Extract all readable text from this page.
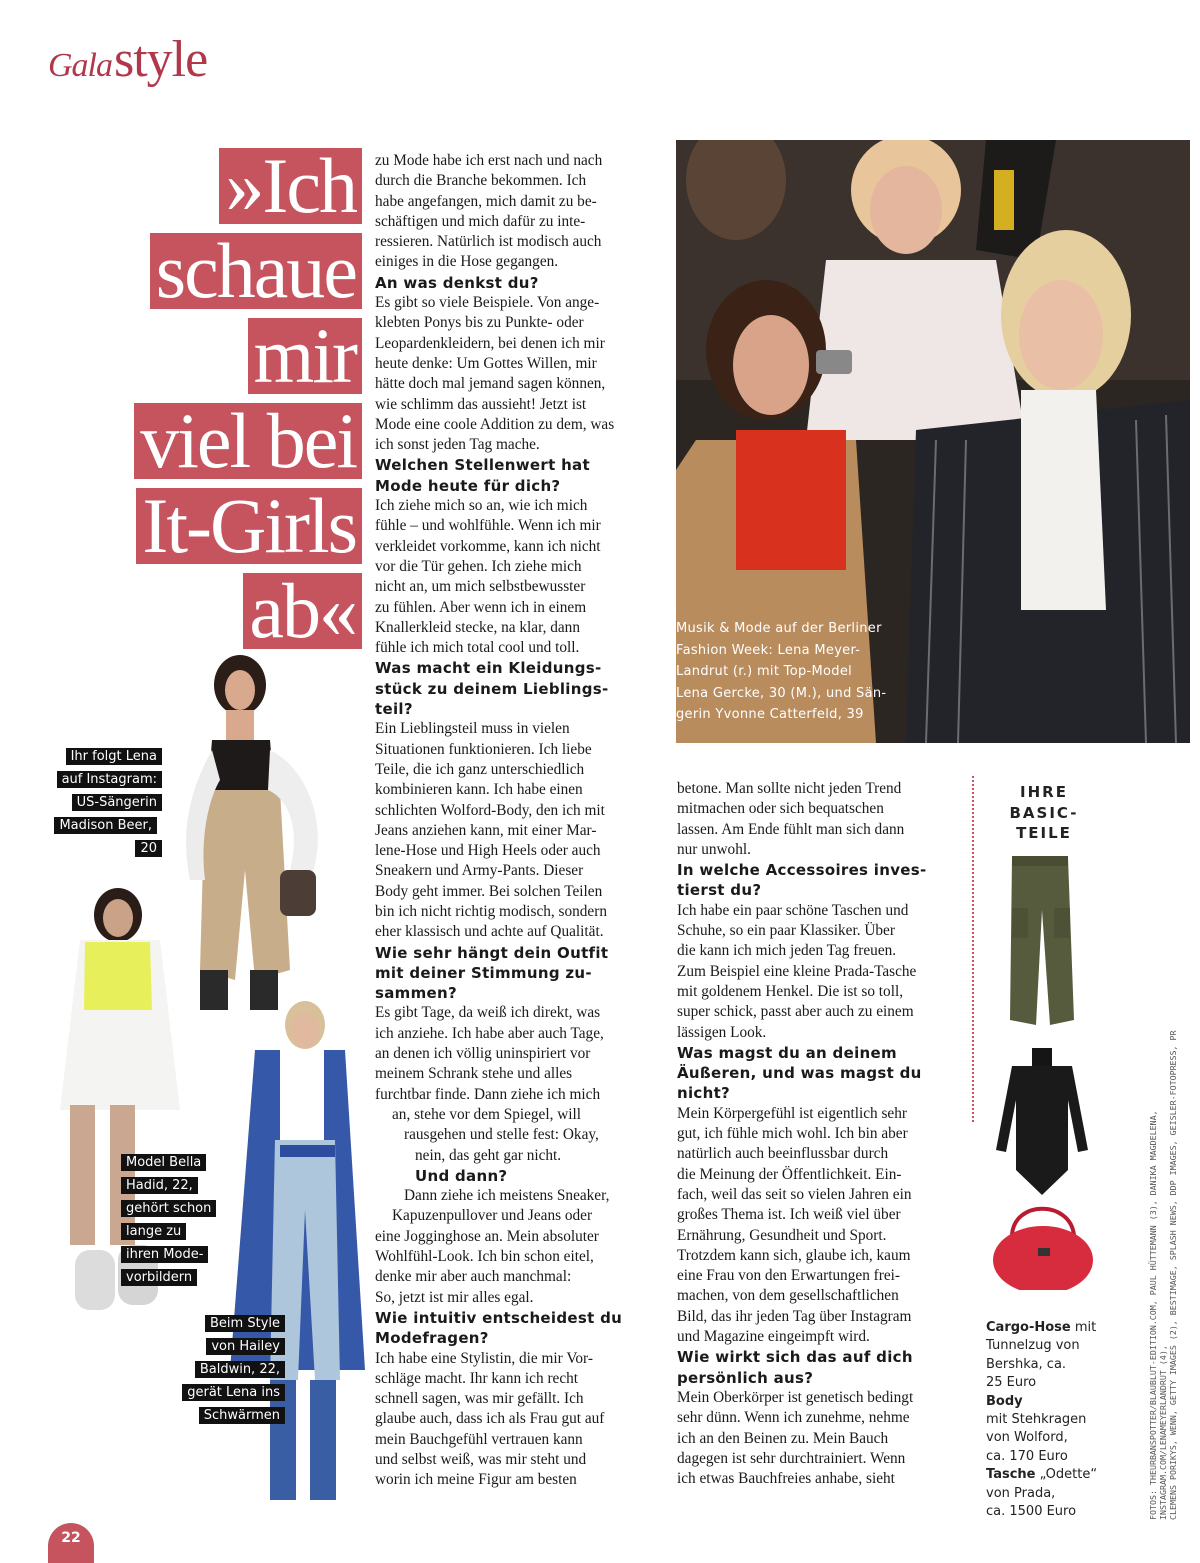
Galastyle
»Ich
schaue
mir
viel bei
It-Girls
ab«

zu Mode habe ich erst nach und nach

durch die Branche bekommen. Ich

habe angefangen, mich damit zu be-

schäftigen und mich dafür zu inte-

ressieren. Natürlich ist modisch auch

einiges in die Hose gegangen.

An was denkst du?

Es gibt so viele Beispiele. Von ange-

klebten Ponys bis zu Punkte- oder

Leopardenkleidern, bei denen ich mir

heute denke: Um Gottes Willen, mir

hätte doch mal jemand sagen können,

wie schlimm das aussieht! Jetzt ist

Mode eine coole Addition zu dem, was

ich sonst jeden Tag mache.

Welchen Stellenwert hat
Mode heute für dich?

Ich ziehe mich so an, wie ich mich

fühle – und wohlfühle. Wenn ich mir

verkleidet vorkomme, kann ich nicht

vor die Tür gehen. Ich ziehe mich

nicht an, um mich selbstbewusster

zu fühlen. Aber wenn ich in einem

Knallerkleid stecke, na klar, dann

fühle ich mich total cool und toll.

Was macht ein Kleidungs-
stück zu deinem Lieblings-
teil?

Ein Lieblingsteil muss in vielen

Situationen funktionieren. Ich liebe

Teile, die ich ganz unterschiedlich

kombinieren kann. Ich habe einen

schlichten Wolford-Body, den ich mit

Jeans anziehen kann, mit einer Mar-

lene-Hose und High Heels oder auch

Sneakern und Army-Pants. Dieser

Body geht immer. Bei solchen Teilen

bin ich nicht richtig modisch, sondern

eher klassisch und achte auf Qualität.

Wie sehr hängt dein Outfit
mit deiner Stimmung zu-
sammen?

Es gibt Tage, da weiß ich direkt, was

ich anziehe. Ich habe aber auch Tage,

an denen ich völlig uninspiriert vor

meinem Schrank stehe und alles

furchtbar finde. Dann ziehe ich mich

an, stehe vor dem Spiegel, will

rausgehen und stelle fest: Okay,

nein, das geht gar nicht.

Und dann?

Dann ziehe ich meistens Sneaker,

Kapuzenpullover und Jeans oder

eine Jogginghose an. Mein absoluter

Wohlfühl-Look. Ich bin schon eitel,

denke mir aber auch manchmal:

So, jetzt ist mir alles egal.

Wie intuitiv entscheidest du
Modefragen?

Ich habe eine Stylistin, die mir Vor-

schläge macht. Ihr kann ich recht

schnell sagen, was mir gefällt. Ich

glaube auch, dass ich als Frau gut auf

mein Bauchgefühl vertrauen kann

und selbst weiß, was mir steht und

worin ich meine Figur am besten

Ihr folgt Lena
auf Instagram:
US-Sängerin
Madison Beer, 20
Model Bella
Hadid, 22,
gehört schon
lange zu
ihren Mode-
vorbildern
Beim Style
von Hailey
Baldwin, 22,
gerät Lena ins
Schwärmen
Musik & Mode auf der Berliner
Fashion Week: Lena Meyer-
Landrut (r.) mit Top-Model
Lena Gercke, 30 (M.), und Sän-
gerin Yvonne Catterfeld, 39

betone. Man sollte nicht jeden Trend

mitmachen oder sich bequatschen

lassen. Am Ende fühlt man sich dann

nur unwohl.

In welche Accessoires inves-
tierst du?

Ich habe ein paar schöne Taschen und

Schuhe, so ein paar Klassiker. Über

die kann ich mich jeden Tag freuen.

Zum Beispiel eine kleine Prada-Tasche

mit goldenem Henkel. Die ist so toll,

super schick, passt aber auch zu einem

lässigen Look.

Was magst du an deinem
Äußeren, und was magst du
nicht?

Mein Körpergefühl ist eigentlich sehr

gut, ich fühle mich wohl. Ich bin aber

natürlich auch beeinflussbar durch

die Meinung der Öffentlichkeit. Ein-

fach, weil das seit so vielen Jahren ein

großes Thema ist. Ich weiß viel über

Ernährung, Gesundheit und Sport.

Trotzdem kann sich, glaube ich, kaum

eine Frau von den Erwartungen frei-

machen, von dem gesellschaftlichen

Bild, das ihr jeden Tag über Instagram

und Magazine eingeimpft wird.

Wie wirkt sich das auf dich
persönlich aus?

Mein Oberkörper ist genetisch bedingt

sehr dünn. Wenn ich zunehme, nehme

ich an den Beinen zu. Mein Bauch

dagegen ist sehr durchtrainiert. Wenn

ich etwas Bauchfreies anhabe, sieht

IHRE
BASIC-
TEILE
Cargo-Hose mit
Tunnelzug von
Bershka, ca.
25 Euro
Body
mit Stehkragen
von Wolford,
ca. 170 Euro
Tasche „Odette“
von Prada,
ca. 1500 Euro	FOTOS: THEURBANSPOTTER/BLAUBLUT-EDITION.COM, PAUL HÜTTEMANN (3), DANIKA MAGDELENA, INSTAGRAM.COM/LENAMEYERLANDRUT (4), CLEMENS PORIKYS, WENN, GETTY IMAGES (2), BESTIMAGE, SPLASH NEWS, DDP IMAGES, GEISLER-FOTOPRESS, PR
22
